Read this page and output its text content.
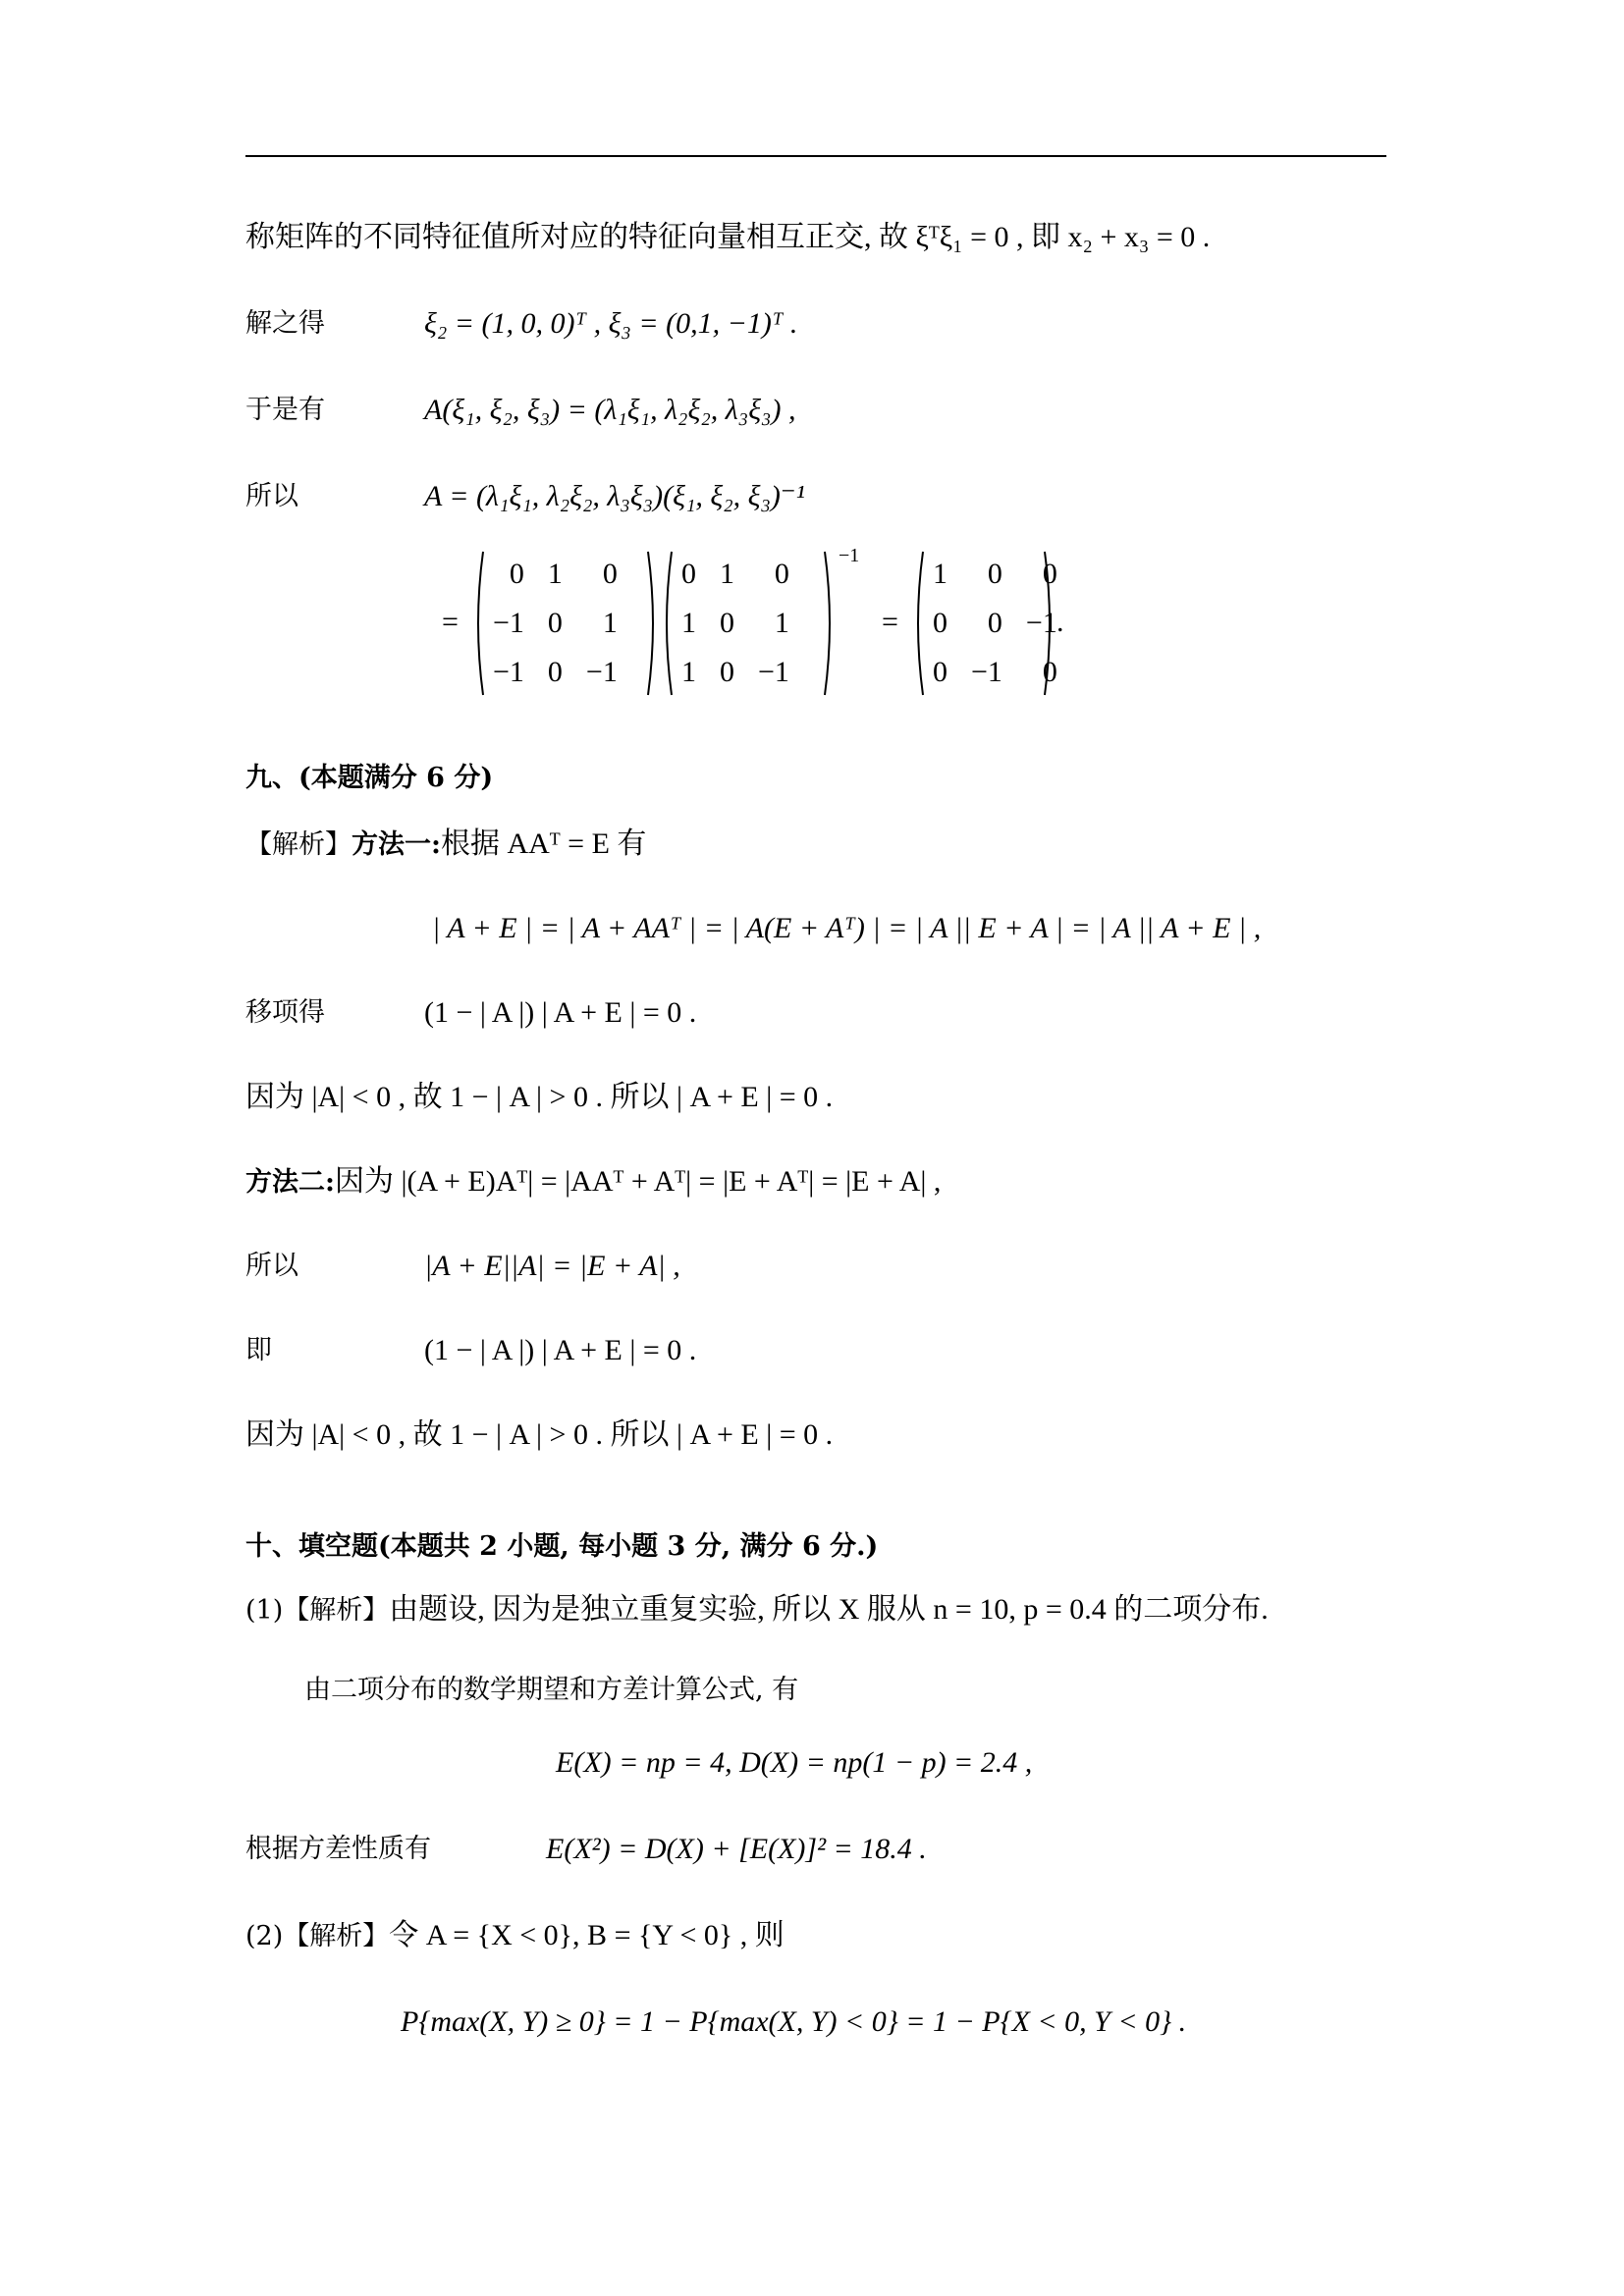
称矩阵的不同特征值所对应的特征向量相互正交, 故 ξᵀξ₁ = 0 , 即 x₂ + x₃ = 0 .
解之得	ξ₂ = (1, 0, 0)ᵀ , ξ₃ = (0,1, −1)ᵀ .
于是有	A(ξ₁, ξ₂, ξ₃) = (λ₁ξ₁, λ₂ξ₂, λ₃ξ₃) ,
所以	A = (λ₁ξ₁, λ₂ξ₂, λ₃ξ₃)(ξ₁, ξ₂, ξ₃)⁻¹
=
0	1	0
−1	0	1
−1	0	−1
0	1	0
1	0	1
1	0	−1
−1
=
1	0	0
0	0	−1
0	−1	0
.
九、(本题满分 6 分)
【解析】方法一:根据 AAᵀ = E 有
| A + E | = | A + AAᵀ | = | A(E + Aᵀ) | = | A || E + A | = | A || A + E | ,
移项得	(1 − | A |) | A + E | = 0 .
因为 |A| < 0 , 故 1 − | A | > 0 . 所以 | A + E | = 0 .
方法二:因为 |(A + E)Aᵀ| = |AAᵀ + Aᵀ| = |E + Aᵀ| = |E + A| ,
所以	|A + E||A| = |E + A| ,
即	(1 − | A |) | A + E | = 0 .
因为 |A| < 0 , 故 1 − | A | > 0 . 所以 | A + E | = 0 .
十、填空题(本题共 2 小题, 每小题 3 分, 满分 6 分.)
(1)【解析】由题设, 因为是独立重复实验, 所以 X 服从 n = 10, p = 0.4 的二项分布.
由二项分布的数学期望和方差计算公式, 有
E(X) = np = 4, D(X) = np(1 − p) = 2.4 ,
根据方差性质有	E(X²) = D(X) + [E(X)]² = 18.4 .
(2)【解析】令 A = {X < 0}, B = {Y < 0} , 则
P{max(X, Y) ≥ 0} = 1 − P{max(X, Y) < 0} = 1 − P{X < 0, Y < 0} .
